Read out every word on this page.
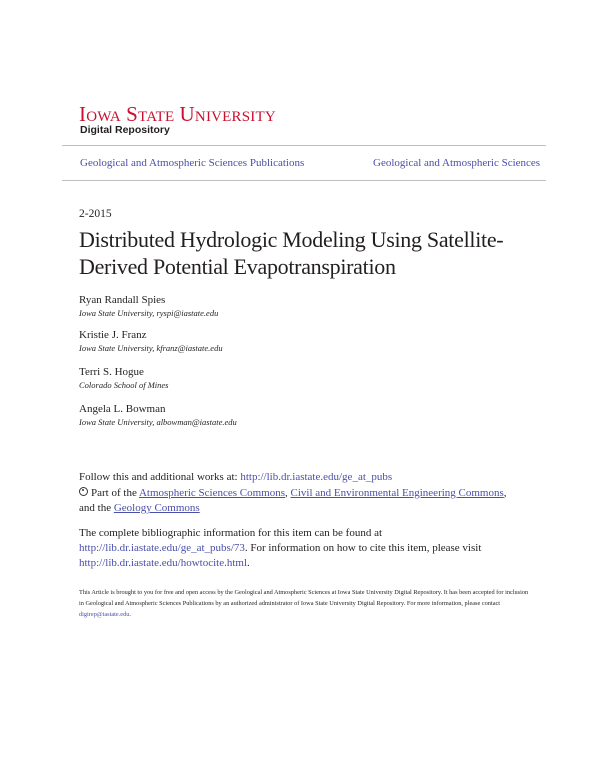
IOWA STATE UNIVERSITY
Digital Repository
Geological and Atmospheric Sciences Publications	Geological and Atmospheric Sciences
2-2015
Distributed Hydrologic Modeling Using Satellite-Derived Potential Evapotranspiration
Ryan Randall Spies
Iowa State University, ryspi@iastate.edu
Kristie J. Franz
Iowa State University, kfranz@iastate.edu
Terri S. Hogue
Colorado School of Mines
Angela L. Bowman
Iowa State University, albowman@iastate.edu
Follow this and additional works at: http://lib.dr.iastate.edu/ge_at_pubs
Part of the Atmospheric Sciences Commons, Civil and Environmental Engineering Commons,
and the Geology Commons
The complete bibliographic information for this item can be found at http://lib.dr.iastate.edu/ge_at_pubs/73. For information on how to cite this item, please visit http://lib.dr.iastate.edu/howtocite.html.
This Article is brought to you for free and open access by the Geological and Atmospheric Sciences at Iowa State University Digital Repository. It has been accepted for inclusion in Geological and Atmospheric Sciences Publications by an authorized administrator of Iowa State University Digital Repository. For more information, please contact digirep@iastate.edu.
